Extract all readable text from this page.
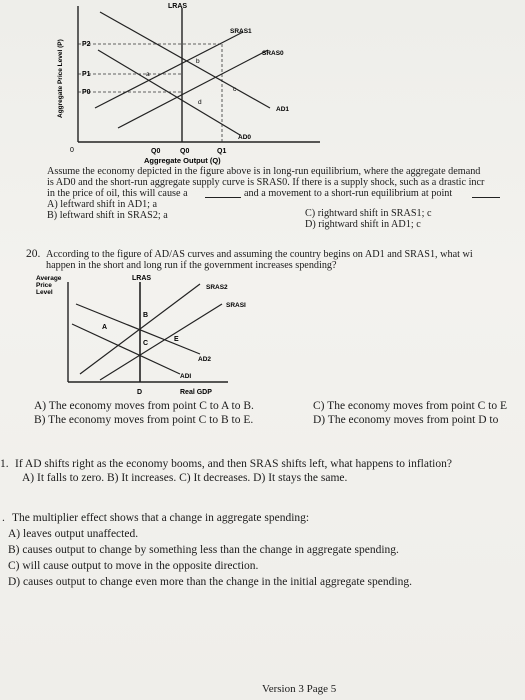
LRAS
SRAS1
SRAS0
AD1
AD0
P2
P1
P0
a
b
c
d
0	Q0	Q0	Q1
Aggregate Price Level (P)
Aggregate Output (Q)
Assume the economy depicted in the figure above is in long-run equilibrium, where the aggregate demand
is AD0 and the short-run aggregate supply curve is SRAS0. If there is a supply shock, such as a drastic incr
in the price of oil, this will cause a	and a movement to a short-run equilibrium at point
A) leftward shift in AD1; a
B) leftward shift in SRAS2; a	C) rightward shift in SRAS1; c
D) rightward shift in AD1; c
20. According to the figure of AD/AS curves and assuming the country begins on AD1 and SRAS1, what wi
happen in the short and long run if the government increases spending?
Average
Price
Level
LRAS
SRAS2
SRASI
AD2
ADI
A
B
C
E
D	Real GDP
A) The economy moves from point C to A to B.
B) The economy moves from point C to B to E.
C) The economy moves from point C to E
D) The economy moves from point D to
1. If AD shifts right as the economy booms, and then SRAS shifts left, what happens to inflation?
A) It falls to zero. B) It increases. C) It decreases. D) It stays the same.
. The multiplier effect shows that a change in aggregate spending:
A) leaves output unaffected.
B) causes output to change by something less than the change in aggregate spending.
C) will cause output to move in the opposite direction.
D) causes output to change even more than the change in the initial aggregate spending.
Version 3 Page 5
